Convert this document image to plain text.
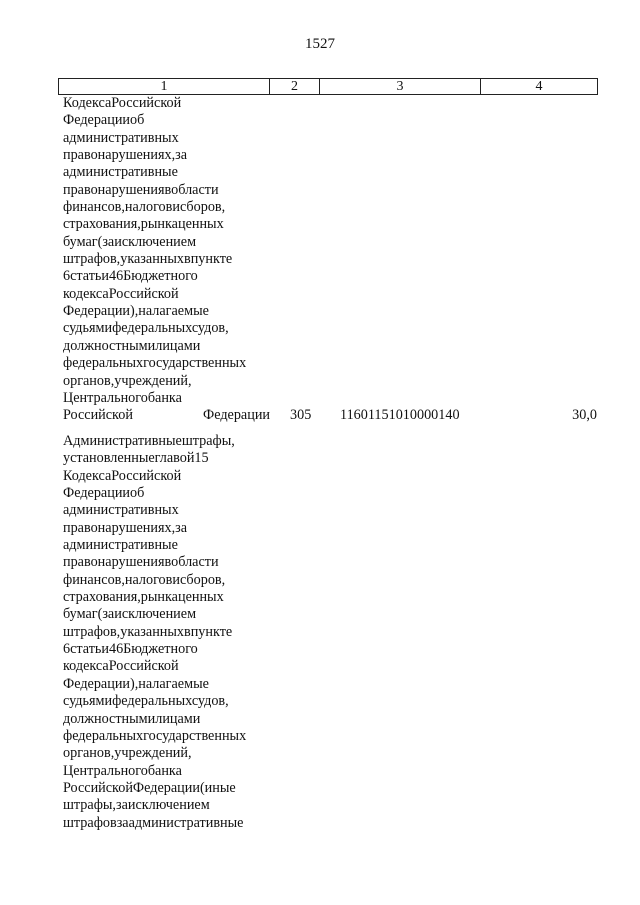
1527
1	2	3	4
КодексаРоссийской
Федерацииоб
административных
правонарушениях,за
административные
правонарушениявобласти
финансов,налоговисборов,
страхования,рынкаценных
бумаг(заисключением
штрафов,указанныхвпункте
6статьи46Бюджетного
кодексаРоссийской
Федерации),налагаемые
судьямифедеральныхсудов,
должностнымилицами
федеральныхгосударственных
органов,учреждений,
Центральногобанка
Российской Федерации 305 11601151010000140	30,0
Административныештрафы,
установленныеглавой15
КодексаРоссийской
Федерацииоб
административных
правонарушениях,за
административные
правонарушениявобласти
финансов,налоговисборов,
страхования,рынкаценных
бумаг(заисключением
штрафов,указанныхвпункте
6статьи46Бюджетного
кодексаРоссийской
Федерации),налагаемые
судьямифедеральныхсудов,
должностнымилицами
федеральныхгосударственных
органов,учреждений,
Центральногобанка
РоссийскойФедерации(иные
штрафы,заисключением
штрафовзаадминистративные
